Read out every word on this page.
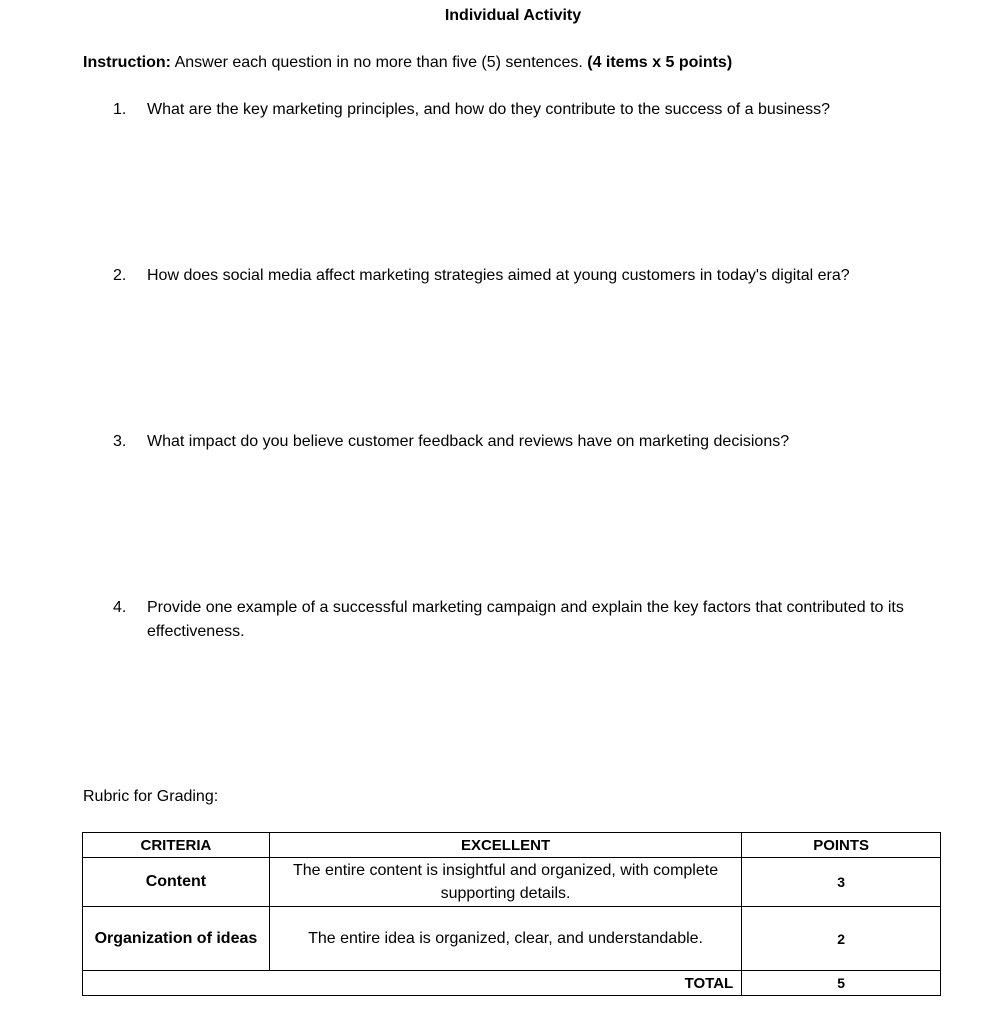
Individual Activity
Instruction: Answer each question in no more than five (5) sentences. (4 items x 5 points)
1.	What are the key marketing principles, and how do they contribute to the success of a business?
2.	How does social media affect marketing strategies aimed at young customers in today's digital era?
3.	What impact do you believe customer feedback and reviews have on marketing decisions?
4.	Provide one example of a successful marketing campaign and explain the key factors that contributed to its effectiveness.
Rubric for Grading:
CRITERIA	EXCELLENT	POINTS
Content	The entire content is insightful and organized, with complete supporting details.	3
Organization of ideas	The entire idea is organized, clear, and understandable.	2
TOTAL		5
